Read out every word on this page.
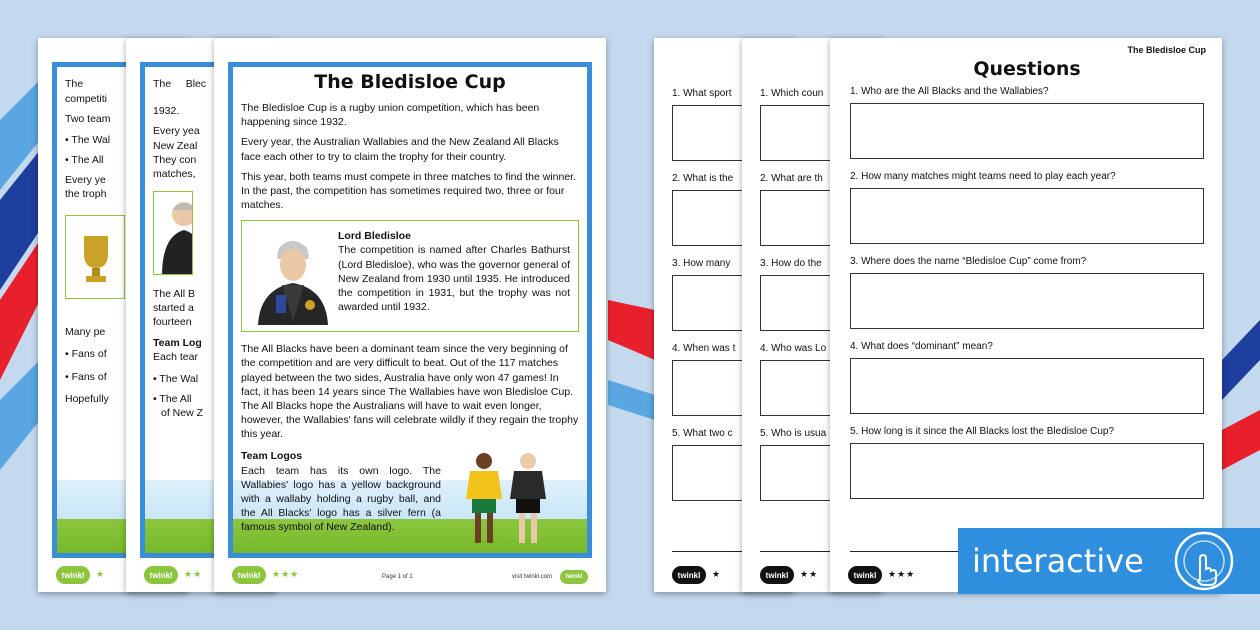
The
competiti
Two team
• The Wal
• The All
Every ye
the troph
Many pe
• Fans of
• Fans of
Hopefully
twinkl	★
The Blec
1932.
Every yea
New Zeal
They con
matches,
The All B
started a
fourteen
Team Log
Each tear
• The Wal
• The All
of New Z
twinkl	★★
The Bledisloe Cup
The Bledisloe Cup is a rugby union competition, which has been happening since 1932.
Every year, the Australian Wallabies and the New Zealand All Blacks face each other to try to claim the trophy for their country.
This year, both teams must compete in three matches to find the winner. In the past, the competition has sometimes required two, three or four matches.
Lord Bledisloe
The competition is named after Charles Bathurst (Lord Bledisloe), who was the governor general of New Zealand from 1930 until 1935. He introduced the competition in 1931, but the trophy was not awarded until 1932.
The All Blacks have been a dominant team since the very beginning of the competition and are very difficult to beat. Out of the 117 matches played between the two sides, Australia have only won 47 games! In fact, it has been 14 years since The Wallabies have won Bledisloe Cup. The All Blacks hope the Australians will have to wait even longer, however, the Wallabies' fans will celebrate wildly if they regain the trophy this year.
Team Logos
Each team has its own logo. The Wallabies' logo has a yellow background with a wallaby holding a rugby ball, and the All Blacks' logo has a silver fern (a famous symbol of New Zealand).
twinkl	★★★	Page 1 of 1	visit twinkl.com	twinkl
1. What sport
2. What is the
3. How many
4. When was t
5. What two c
twinkl	★
1. Which coun
2. What are th
3. How do the
4. Who was Lo
5. Who is usua
twinkl	★★
The Bledisloe Cup
Questions
1. Who are the All Blacks and the Wallabies?
2. How many matches might teams need to play each year?
3. Where does the name “Bledisloe Cup” come from?
4. What does “dominant” mean?
5. How long is it since the All Blacks lost the Bledisloe Cup?
twinkl	★★★ interactive
